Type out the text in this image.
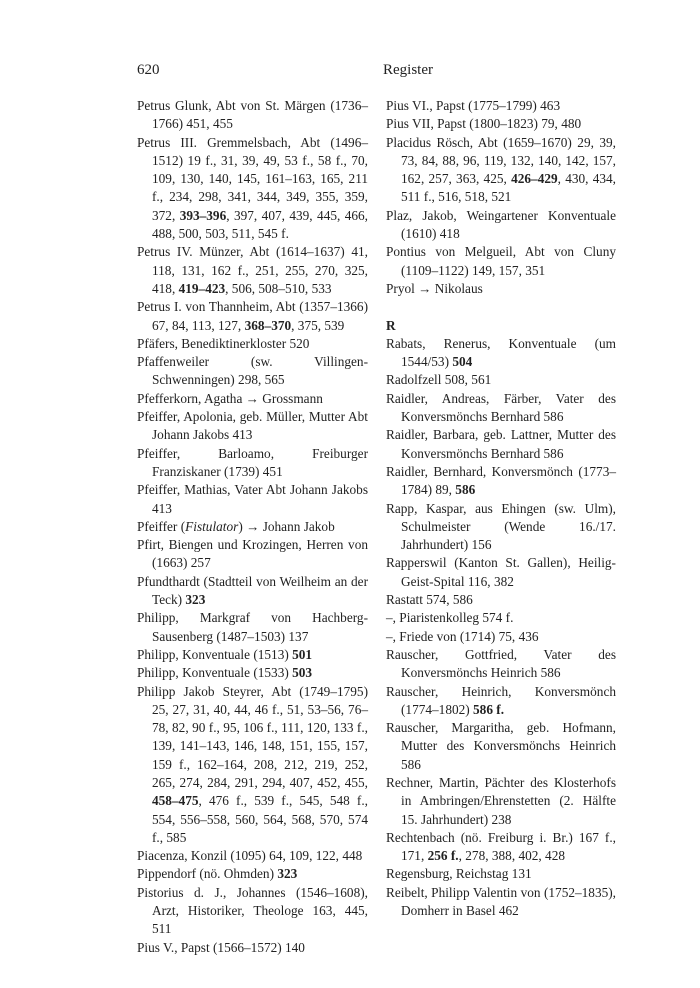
620	Register

Petrus Glunk, Abt von St. Märgen (1736–1766) 451, 455

Petrus III. Gremmelsbach, Abt (1496–1512) 19 f., 31, 39, 49, 53 f., 58 f., 70, 109, 130, 140, 145, 161–163, 165, 211 f., 234, 298, 341, 344, 349, 355, 359, 372, 393–396, 397, 407, 439, 445, 466, 488, 500, 503, 511, 545 f.

Petrus IV. Münzer, Abt (1614–1637) 41, 118, 131, 162 f., 251, 255, 270, 325, 418, 419–423, 506, 508–510, 533

Petrus I. von Thannheim, Abt (1357–1366) 67, 84, 113, 127, 368–370, 375, 539

Pfäfers, Benediktinerkloster 520

Pfaffenweiler (sw. Villingen-Schwenningen) 298, 565

Pfefferkorn, Agatha → Grossmann

Pfeiffer, Apolonia, geb. Müller, Mutter Abt Johann Jakobs 413

Pfeiffer, Barloamo, Freiburger Franziskaner (1739) 451

Pfeiffer, Mathias, Vater Abt Johann Jakobs 413

Pfeiffer (Fistulator) → Johann Jakob

Pfirt, Biengen und Krozingen, Herren von (1663) 257

Pfundthardt (Stadtteil von Weilheim an der Teck) 323

Philipp, Markgraf von Hachberg-Sausenberg (1487–1503) 137

Philipp, Konventuale (1513) 501

Philipp, Konventuale (1533) 503

Philipp Jakob Steyrer, Abt (1749–1795) 25, 27, 31, 40, 44, 46 f., 51, 53–56, 76–78, 82, 90 f., 95, 106 f., 111, 120, 133 f., 139, 141–143, 146, 148, 151, 155, 157, 159 f., 162–164, 208, 212, 219, 252, 265, 274, 284, 291, 294, 407, 452, 455, 458–475, 476 f., 539 f., 545, 548 f., 554, 556–558, 560, 564, 568, 570, 574 f., 585

Piacenza, Konzil (1095) 64, 109, 122, 448

Pippendorf (nö. Ohmden) 323

Pistorius d. J., Johannes (1546–1608), Arzt, Historiker, Theologe 163, 445, 511

Pius V., Papst (1566–1572) 140

Pius VI., Papst (1775–1799) 463

Pius VII, Papst (1800–1823) 79, 480

Placidus Rösch, Abt (1659–1670) 29, 39, 73, 84, 88, 96, 119, 132, 140, 142, 157, 162, 257, 363, 425, 426–429, 430, 434, 511 f., 516, 518, 521

Plaz, Jakob, Weingartener Konventuale (1610) 418

Pontius von Melgueil, Abt von Cluny (1109–1122) 149, 157, 351

Pryol → Nikolaus

R

Rabats, Renerus, Konventuale (um 1544/53) 504

Radolfzell 508, 561

Raidler, Andreas, Färber, Vater des Konversmönchs Bernhard 586

Raidler, Barbara, geb. Lattner, Mutter des Konversmönchs Bernhard 586

Raidler, Bernhard, Konversmönch (1773–1784) 89, 586

Rapp, Kaspar, aus Ehingen (sw. Ulm), Schulmeister (Wende 16./17. Jahrhundert) 156

Rapperswil (Kanton St. Gallen), Heilig-Geist-Spital 116, 382

Rastatt 574, 586

–, Piaristenkolleg 574 f.

–, Friede von (1714) 75, 436

Rauscher, Gottfried, Vater des Konversmönchs Heinrich 586

Rauscher, Heinrich, Konversmönch (1774–1802) 586 f.

Rauscher, Margaritha, geb. Hofmann, Mutter des Konversmönchs Heinrich 586

Rechner, Martin, Pächter des Klosterhofs in Ambringen/Ehrenstetten (2. Hälfte 15. Jahrhundert) 238

Rechtenbach (nö. Freiburg i. Br.) 167 f., 171, 256 f., 278, 388, 402, 428

Regensburg, Reichstag 131

Reibelt, Philipp Valentin von (1752–1835), Domherr in Basel 462
